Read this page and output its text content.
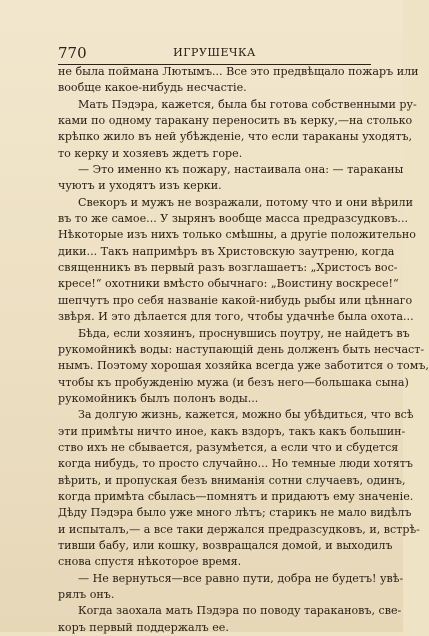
770	ИГРУШЕЧКА
не была поймана Лютымъ... Все это предвѣщало пожаръ или
вообще какое-нибудь несчастіе.
Мать Пэдэра, кажется, была бы готова собственными ру-
ками по одному таракану переносить въ керку,—на столько
крѣпко жило въ ней убѣжденіе, что если тараканы уходятъ,
то керку и хозяевъ ждетъ горе.
— Это именно къ пожару, настаивала она: — тараканы
чуютъ и уходятъ изъ керки.
Свекоръ и мужъ не возражали, потому что и они вѣрили
въ то же самое... У зырянъ вообще масса предразсудковъ...
Нѣкоторые изъ нихъ только смѣшны, а другіе положительно
дики... Такъ напримѣръ въ Христовскую заутреню, когда
священникъ въ первый разъ возглашаетъ: „Христосъ вос-
кресе!“ охотники вмѣсто обычнаго: „Воистину воскресе!“
шепчутъ про себя названіе какой-нибудь рыбы или цѣннаго
звѣря. И это дѣлается для того, чтобы удачнѣе была охота...
Бѣда, если хозяинъ, проснувшись поутру, не найдетъ въ
рукомойникѣ воды: наступающій день долженъ быть несчаст-
нымъ. Поэтому хорошая хозяйка всегда уже заботится о томъ,
чтобы къ пробужденію мужа (и безъ него—большака сына)
рукомойникъ былъ полонъ воды...
За долгую жизнь, кажется, можно бы убѣдиться, что всѣ
эти примѣты ничто иное, какъ вздоръ, такъ какъ большин-
ство ихъ не сбывается, разумѣется, а если что и сбудется
когда нибудь, то просто случайно... Но темные люди хотятъ
вѣрить, и пропуская безъ вниманія сотни случаевъ, одинъ,
когда примѣта сбылась—помнятъ и придаютъ ему значеніе.
Дѣду Пэдэра было уже много лѣтъ; старикъ не мало видѣлъ
и испыталъ,— а все таки держался предразсудковъ, и, встрѣ-
тивши бабу, или кошку, возвращался домой, и выходилъ
снова спустя нѣкоторое время.
— Не вернуться—все равно пути, добра не будетъ! увѣ-
рялъ онъ.
Когда заохала мать Пэдэра по поводу таракановъ, све-
коръ первый поддержалъ ее.
